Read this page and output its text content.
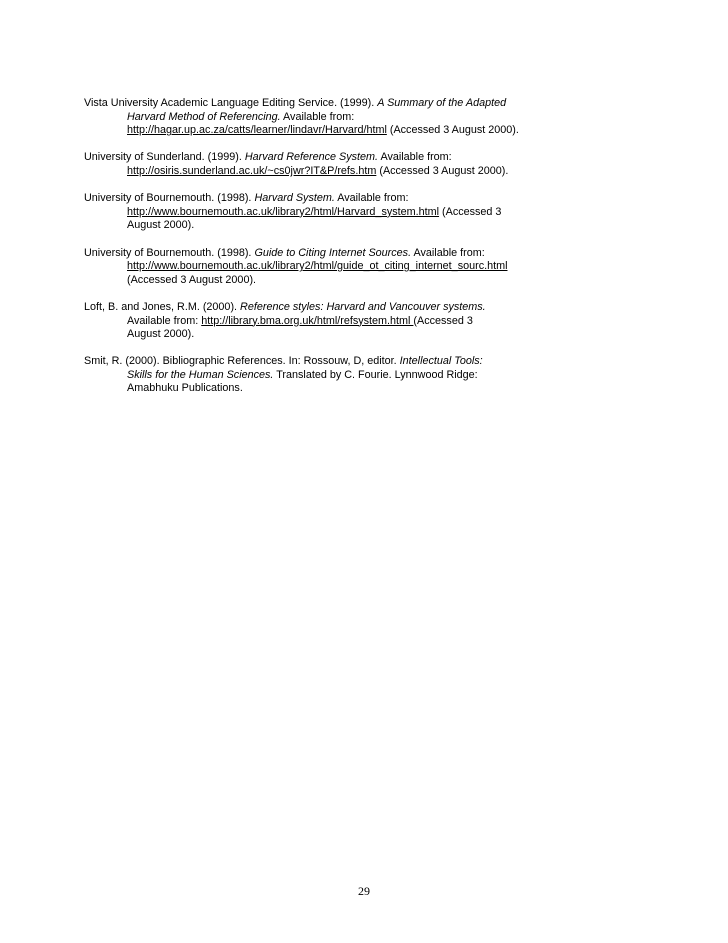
Vista University Academic Language Editing Service. (1999). A Summary of the Adapted
Harvard Method of Referencing. Available from:
http://hagar.up.ac.za/catts/learner/lindavr/Harvard/html (Accessed 3 August 2000).
University of Sunderland. (1999). Harvard Reference System. Available from:
http://osiris.sunderland.ac.uk/~cs0jwr?IT&P/refs.htm (Accessed 3 August 2000).
University of Bournemouth. (1998). Harvard System. Available from:
http://www.bournemouth.ac.uk/library2/html/Harvard_system.html (Accessed 3
August 2000).
University of Bournemouth. (1998). Guide to Citing Internet Sources. Available from:
http://www.bournemouth.ac.uk/library2/html/guide_ot_citing_internet_sourc.html
(Accessed 3 August 2000).
Loft, B. and Jones, R.M. (2000). Reference styles: Harvard and Vancouver systems.
Available from: http://library.bma.org.uk/html/refsystem.html (Accessed 3
August 2000).
Smit, R. (2000). Bibliographic References. In: Rossouw, D, editor. Intellectual Tools:
Skills for the Human Sciences. Translated by C. Fourie. Lynnwood Ridge:
Amabhuku Publications.
29
